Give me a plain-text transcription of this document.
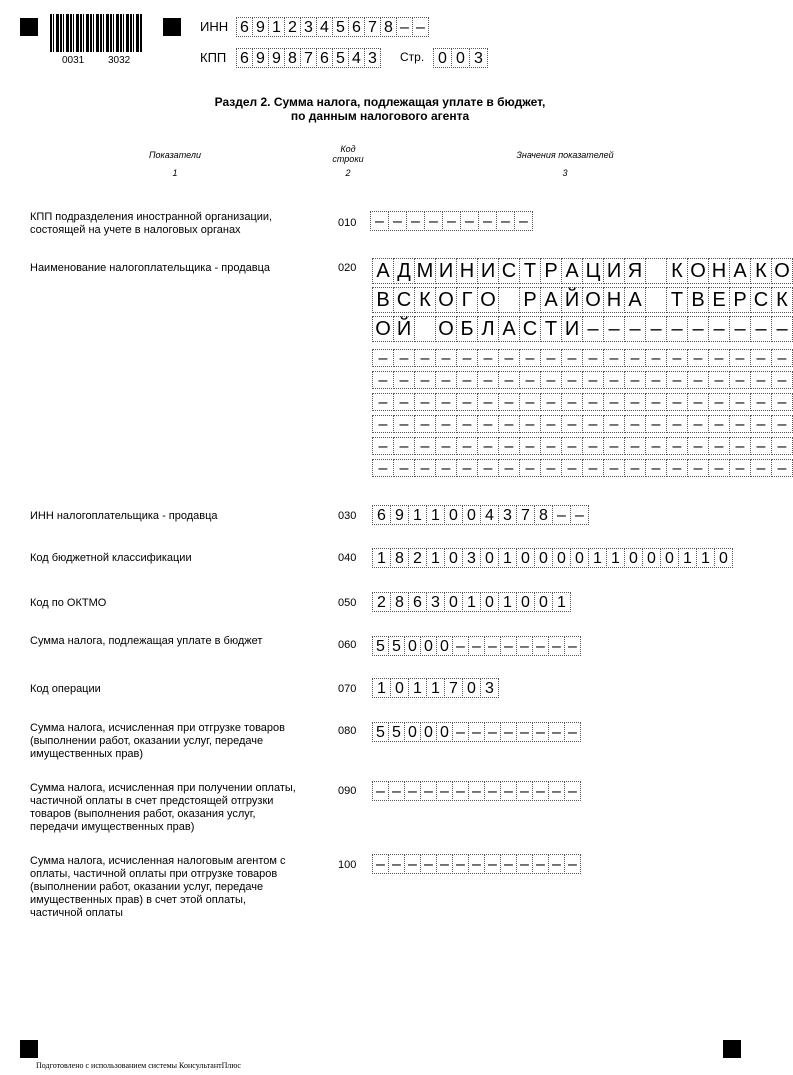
0031 3032
ИНН 6 9 1 2 3 4 5 6 7 8 – –
КПП 6 9 9 8 7 6 5 4 3	Стр. 0 0 3
Раздел 2. Сумма налога, подлежащая уплате в бюджет,
по данным налогового агента
Показатели
1
Код строки
2
Значения показателей
3
КПП подразделения иностранной организации, состоящей на учете в налоговых органах
010	– – – – – – – – –
Наименование налогоплательщика - продавца	020 А Д М И Н И С Т Р А Ц И Я К О Н А К О
В С К О Г О Р А Й О Н А Т В Е Р С К
О Й О Б Л А С Т И – – – – – – – – – –
– – – – – – – – – – – – – – – – – – – –
– – – – – – – – – – – – – – – – – – – –
– – – – – – – – – – – – – – – – – – – –
– – – – – – – – – – – – – – – – – – – –
– – – – – – – – – – – – – – – – – – – –
– – – – – – – – – – – – – – – – – – – –
ИНН налогоплательщика - продавца	030	6 9 1 1 0 0 4 3 7 8 – –
Код бюджетной классификации	040	1 8 2 1 0 3 0 1 0 0 0 0 1 1 0 0 0 1 1 0
Код по ОКТМО	050	2 8 6 3 0 1 0 1 0 0 1
Сумма налога, подлежащая уплате в бюджет	060 5 5 0 0 0 – – – – – – – –
Код операции	070	1 0 1 1 7 0 3
Сумма налога, исчисленная при отгрузке товаров (выполнении работ, оказании услуг, передаче имущественных прав)
080 5 5 0 0 0 – – – – – – – –
Сумма налога, исчисленная при получении оплаты, частичной оплаты в счет предстоящей отгрузки товаров (выполнения работ, оказания услуг, передачи имущественных прав)
090 – – – – – – – – – – – – –
Сумма налога, исчисленная налоговым агентом с оплаты, частичной оплаты при отгрузке товаров (выполнении работ, оказании услуг, передаче имущественных прав) в счет этой оплаты, частичной оплаты
100 – – – – – – – – – – – – –
Подготовлено с использованием системы КонсультантПлюс
